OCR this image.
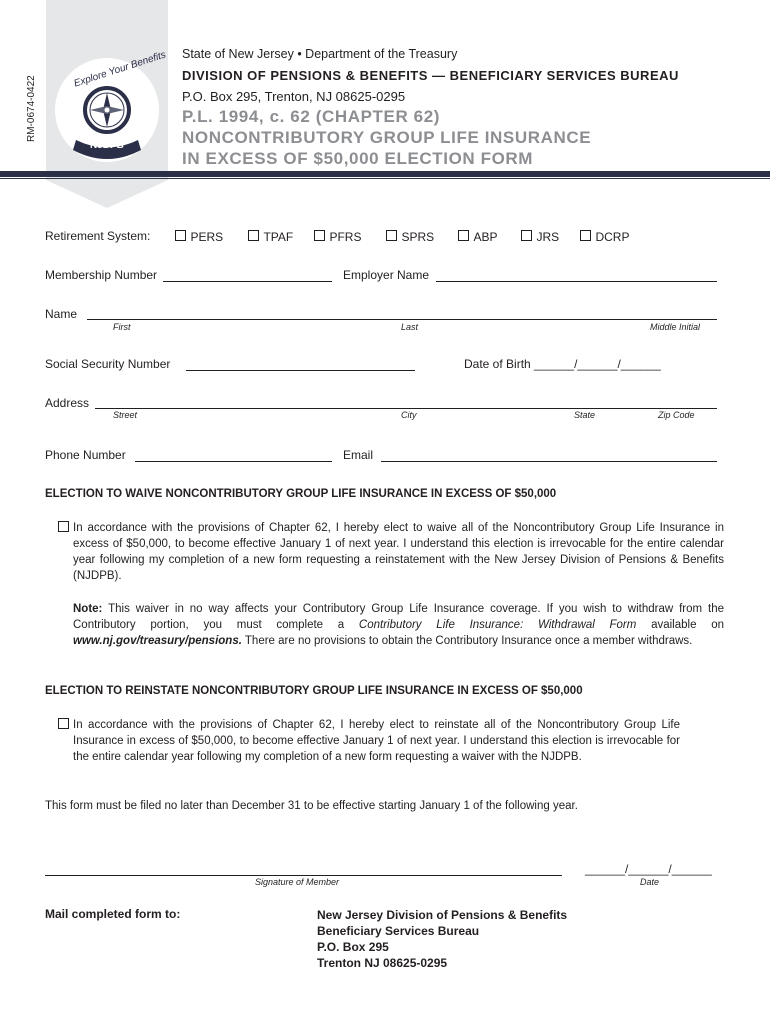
Explore Your Benefits
NJDPB
RM-0674-0422
State of New Jersey • Department of the Treasury
DIVISION OF PENSIONS & BENEFITS — BENEFICIARY SERVICES BUREAU
P.O. Box 295, Trenton, NJ 08625-0295
P.L. 1994, c. 62 (CHAPTER 62)
NONCONTRIBUTORY GROUP LIFE INSURANCE
IN EXCESS OF $50,000 ELECTION FORM
Retirement System:	PERS	TPAF	PFRS	SPRS	ABP	JRS	DCRP
Membership Number	Employer Name
Name
First	Last	Middle Initial
Social Security Number	Date of Birth ______/______/______
Address
Street	City	State	Zip Code
Phone Number	Email
ELECTION TO WAIVE NONCONTRIBUTORY GROUP LIFE INSURANCE IN EXCESS OF $50,000
In accordance with the provisions of Chapter 62, I hereby elect to waive all of the Noncontributory Group Life Insurance in excess of $50,000, to become effective January 1 of next year. I understand this election is irrevocable for the entire calendar year following my completion of a new form requesting a reinstatement with the New Jersey Division of Pensions & Benefits (NJDPB).
Note: This waiver in no way affects your Contributory Group Life Insurance coverage. If you wish to withdraw from the Contributory portion, you must complete a Contributory Life Insurance: Withdrawal Form available on www.nj.gov/treasury/pensions. There are no provisions to obtain the Contributory Insurance once a member withdraws.
ELECTION TO REINSTATE NONCONTRIBUTORY GROUP LIFE INSURANCE IN EXCESS OF $50,000
In accordance with the provisions of Chapter 62, I hereby elect to reinstate all of the Noncontributory Group Life Insurance in excess of $50,000, to become effective January 1 of next year. I understand this election is irrevocable for the entire calendar year following my completion of a new form requesting a waiver with the NJDPB.
This form must be filed no later than December 31 to be effective starting January 1 of the following year.
Signature of Member
______/______/______
Date
Mail completed form to:	New Jersey Division of Pensions & Benefits
Beneficiary Services Bureau
P.O. Box 295
Trenton NJ 08625-0295
